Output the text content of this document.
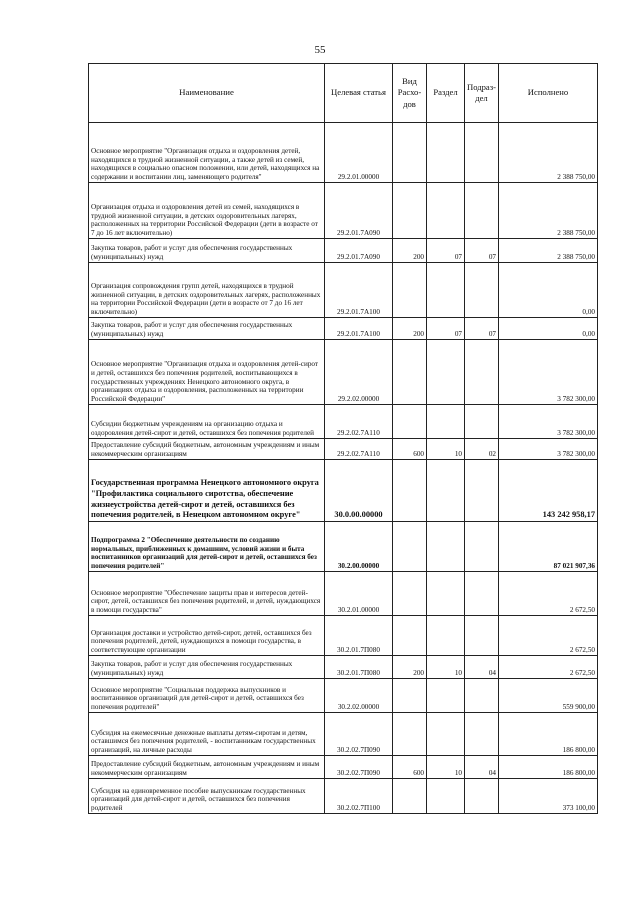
55
Наименование	Целевая статья	Вид Расхо-дов	Раздел	Подраз-дел	Исполнено
Основное мероприятие "Организация отдыха и оздоровления детей, находящихся в трудной жизненной ситуации, а также детей из семей, находящихся в социально опасном положении, или детей, находящихся на содержании и воспитании лиц, заменяющего родителя"	29.2.01.00000				2 388 750,00
Организация отдыха и оздоровления детей из семей, находящихся в трудной жизненной ситуации, в детских оздоровительных лагерях, расположенных на территории Российской Федерации (дети в возрасте от 7 до 16 лет включительно)	29.2.01.7А090				2 388 750,00
Закупка товаров, работ и услуг для обеспечения государственных (муниципальных) нужд	29.2.01.7А090	200	07	07	2 388 750,00
Организация сопровождения групп детей, находящихся в трудной жизненной ситуации, в детских оздоровительных лагерях, расположенных на территории Российской Федерации (дети в возрасте от 7 до 16 лет включительно)	29.2.01.7А100				0,00
Закупка товаров, работ и услуг для обеспечения государственных (муниципальных) нужд	29.2.01.7А100	200	07	07	0,00
Основное мероприятие "Организация отдыха и оздоровления детей-сирот и детей, оставшихся без попечения родителей, воспитывающихся в государственных учреждениях Ненецкого автономного округа, в организациях отдыха и оздоровления, расположенных на территории Российской Федерации"	29.2.02.00000				3 782 300,00
Субсидии бюджетным учреждениям на организацию отдыха и оздоровления детей-сирот и детей, оставшихся без попечения родителей	29.2.02.7А110				3 782 300,00
Предоставление субсидий бюджетным, автономным учреждениям и иным некоммерческим организациям	29.2.02.7А110	600	10	02	3 782 300,00
Государственная программа Ненецкого автономного округа "Профилактика социального сиротства, обеспечение жизнеустройства детей-сирот и детей, оставшихся без попечения родителей, в Ненецком автономном округе"	30.0.00.00000				143 242 958,17
Подпрограмма 2 "Обеспечение деятельности по созданию нормальных, приближенных к домашним, условий жизни и быта воспитанников организаций для детей-сирот и детей, оставшихся без попечения родителей"	30.2.00.00000				87 021 907,36
Основное мероприятие "Обеспечение защиты прав и интересов детей-сирот, детей, оставшихся без попечения родителей, и детей, нуждающихся в помощи государства"	30.2.01.00000				2 672,50
Организация доставки и устройство детей-сирот, детей, оставшихся без попечения родителей, детей, нуждающихся в помощи государства, в соответствующие организации	30.2.01.7П080				2 672,50
Закупка товаров, работ и услуг для обеспечения государственных (муниципальных) нужд	30.2.01.7П080	200	10	04	2 672,50
Основное мероприятие "Социальная поддержка выпускников и воспитанников организаций для детей-сирот и детей, оставшихся без попечения родителей"	30.2.02.00000				559 900,00
Субсидия на ежемесячные денежные выплаты детям-сиротам и детям, оставшимся без попечения родителей, - воспитанникам государственных организаций, на личные расходы	30.2.02.7П090				186 800,00
Предоставление субсидий бюджетным, автономным учреждениям и иным некоммерческим организациям	30.2.02.7П090	600	10	04	186 800,00
Субсидия на единовременное пособие выпускникам государственных организаций для детей-сирот и детей, оставшихся без попечения родителей	30.2.02.7П100				373 100,00
